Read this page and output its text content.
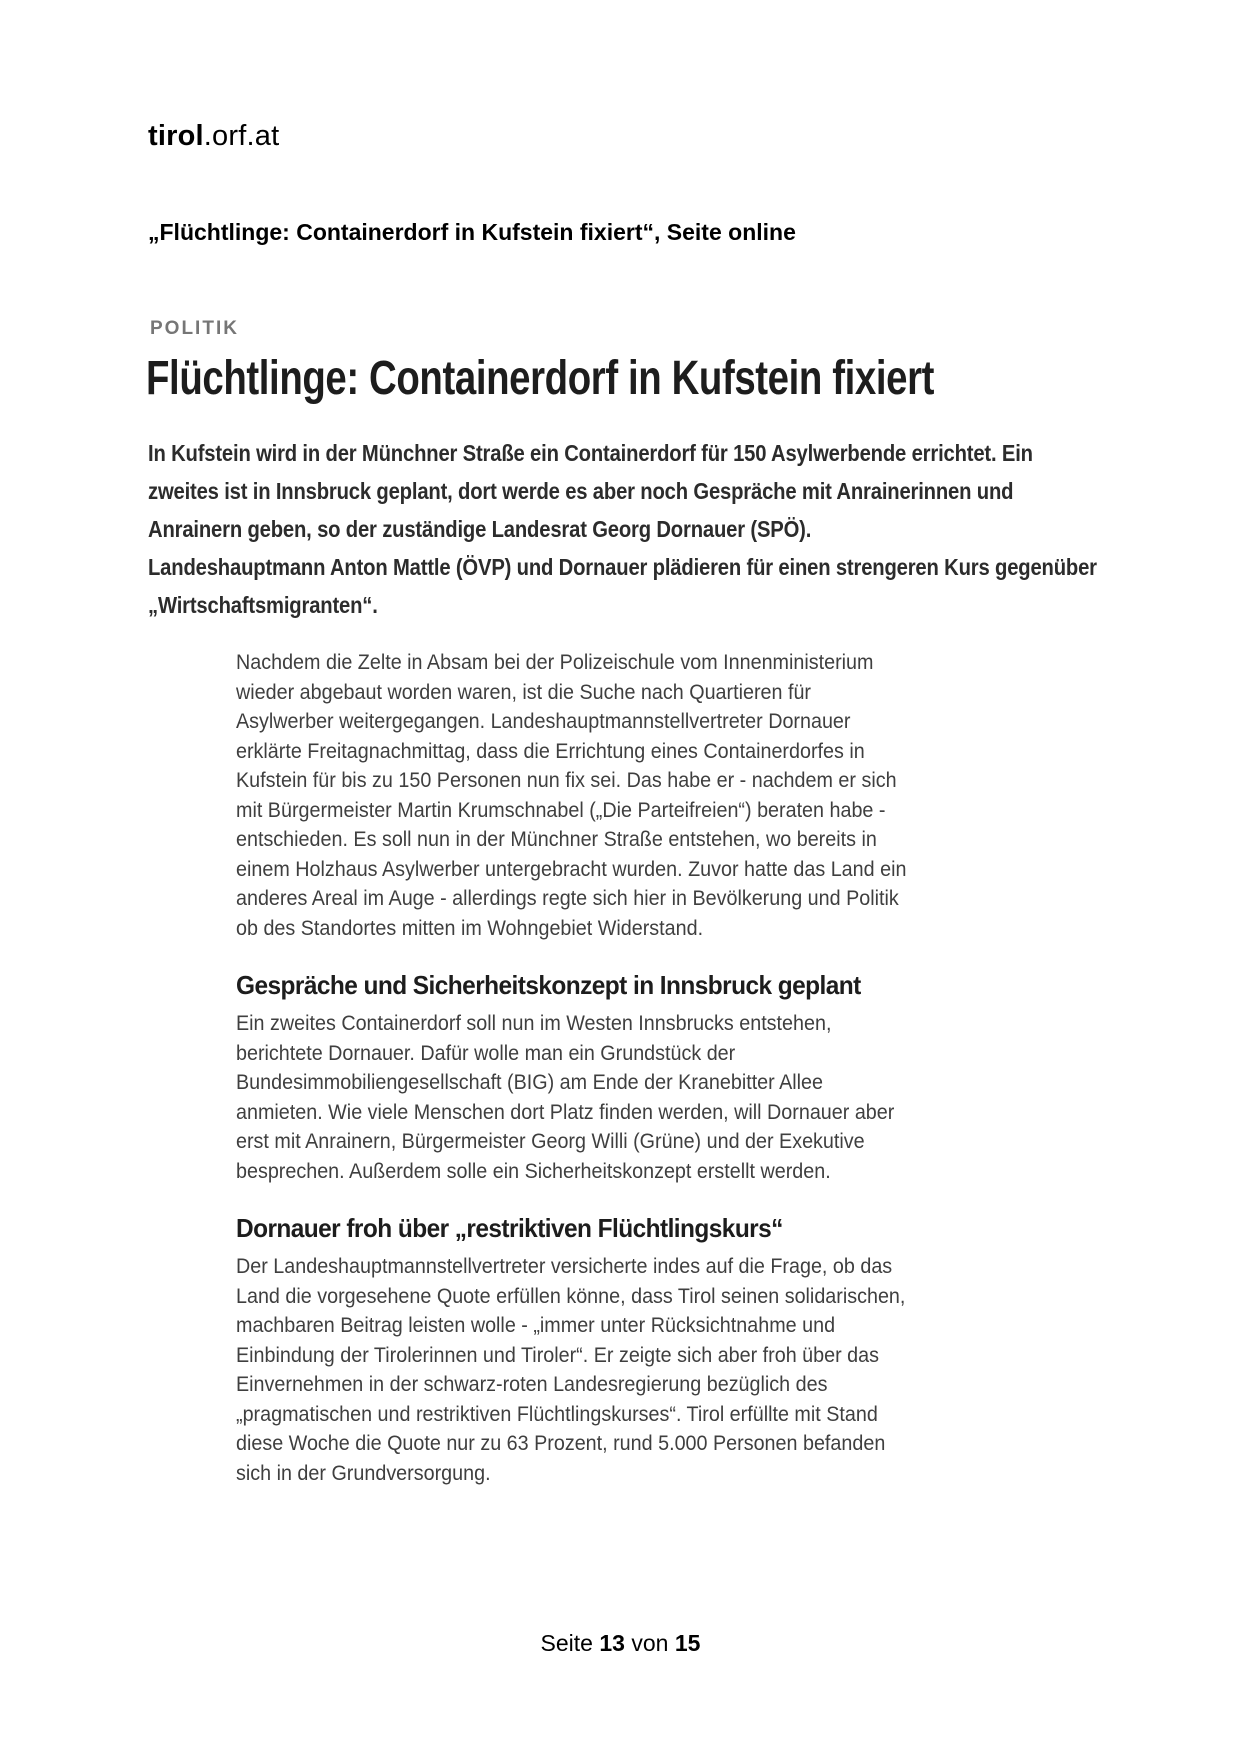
tirol.orf.at
„Flüchtlinge: Containerdorf in Kufstein fixiert“, Seite online
POLITIK
Flüchtlinge: Containerdorf in Kufstein fixiert

In Kufstein wird in der Münchner Straße ein Containerdorf für 150 Asylwerbende errichtet. Ein zweites ist in Innsbruck geplant, dort werde es aber noch Gespräche mit Anrainerinnen und Anrainern geben, so der zuständige Landesrat Georg Dornauer (SPÖ).

Landeshauptmann Anton Mattle (ÖVP) und Dornauer plädieren für einen strengeren Kurs gegenüber „Wirtschaftsmigranten“.

Nachdem die Zelte in Absam bei der Polizeischule vom Innenministerium wieder abgebaut worden waren, ist die Suche nach Quartieren für Asylwerber weitergegangen. Landeshauptmannstellvertreter Dornauer erklärte Freitagnachmittag, dass die Errichtung eines Containerdorfes in Kufstein für bis zu 150 Personen nun fix sei. Das habe er - nachdem er sich mit Bürgermeister Martin Krumschnabel („Die Parteifreien“) beraten habe - entschieden. Es soll nun in der Münchner Straße entstehen, wo bereits in einem Holzhaus Asylwerber untergebracht wurden. Zuvor hatte das Land ein anderes Areal im Auge - allerdings regte sich hier in Bevölkerung und Politik ob des Standortes mitten im Wohngebiet Widerstand.

Gespräche und Sicherheitskonzept in Innsbruck geplant

Ein zweites Containerdorf soll nun im Westen Innsbrucks entstehen, berichtete Dornauer. Dafür wolle man ein Grundstück der Bundesimmobiliengesellschaft (BIG) am Ende der Kranebitter Allee anmieten. Wie viele Menschen dort Platz finden werden, will Dornauer aber erst mit Anrainern, Bürgermeister Georg Willi (Grüne) und der Exekutive besprechen. Außerdem solle ein Sicherheitskonzept erstellt werden.

Dornauer froh über „restriktiven Flüchtlingskurs“

Der Landeshauptmannstellvertreter versicherte indes auf die Frage, ob das Land die vorgesehene Quote erfüllen könne, dass Tirol seinen solidarischen, machbaren Beitrag leisten wolle - „immer unter Rücksichtnahme und Einbindung der Tirolerinnen und Tiroler“. Er zeigte sich aber froh über das Einvernehmen in der schwarz-roten Landesregierung bezüglich des „pragmatischen und restriktiven Flüchtlingskurses“. Tirol erfüllte mit Stand diese Woche die Quote nur zu 63 Prozent, rund 5.000 Personen befanden sich in der Grundversorgung.

Seite 13 von 15
